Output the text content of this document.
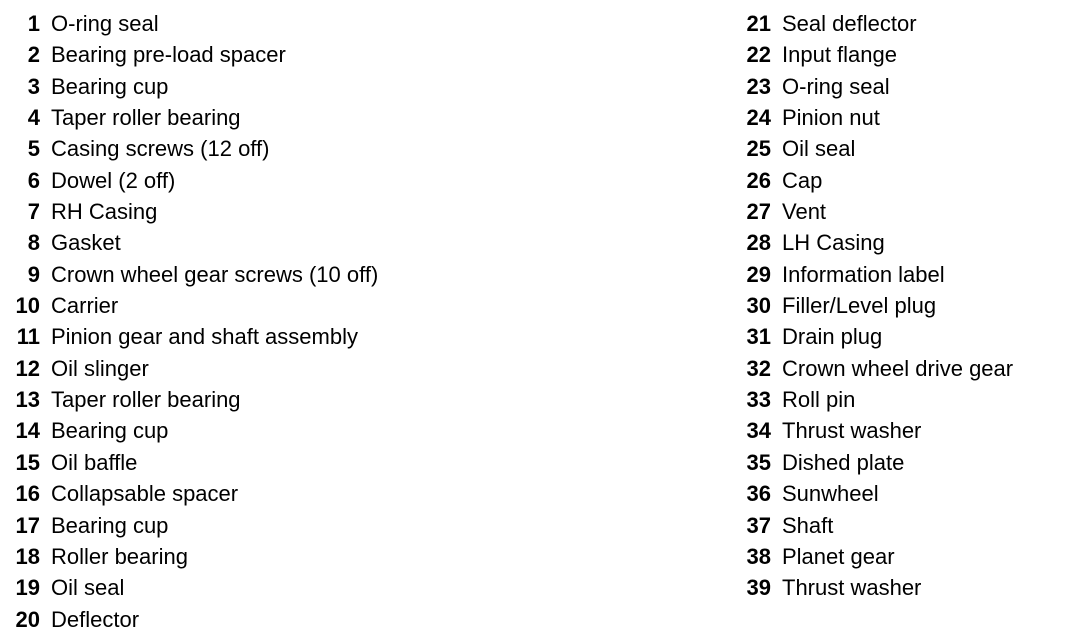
1 O-ring seal
2 Bearing pre-load spacer
3 Bearing cup
4 Taper roller bearing
5 Casing screws (12 off)
6 Dowel (2 off)
7 RH Casing
8 Gasket
9 Crown wheel gear screws (10 off)
10 Carrier
11 Pinion gear and shaft assembly
12 Oil slinger
13 Taper roller bearing
14 Bearing cup
15 Oil baffle
16 Collapsable spacer
17 Bearing cup
18 Roller bearing
19 Oil seal
20 Deflector
21 Seal deflector
22 Input flange
23 O-ring seal
24 Pinion nut
25 Oil seal
26 Cap
27 Vent
28 LH Casing
29 Information label
30 Filler/Level plug
31 Drain plug
32 Crown wheel drive gear
33 Roll pin
34 Thrust washer
35 Dished plate
36 Sunwheel
37 Shaft
38 Planet gear
39 Thrust washer
